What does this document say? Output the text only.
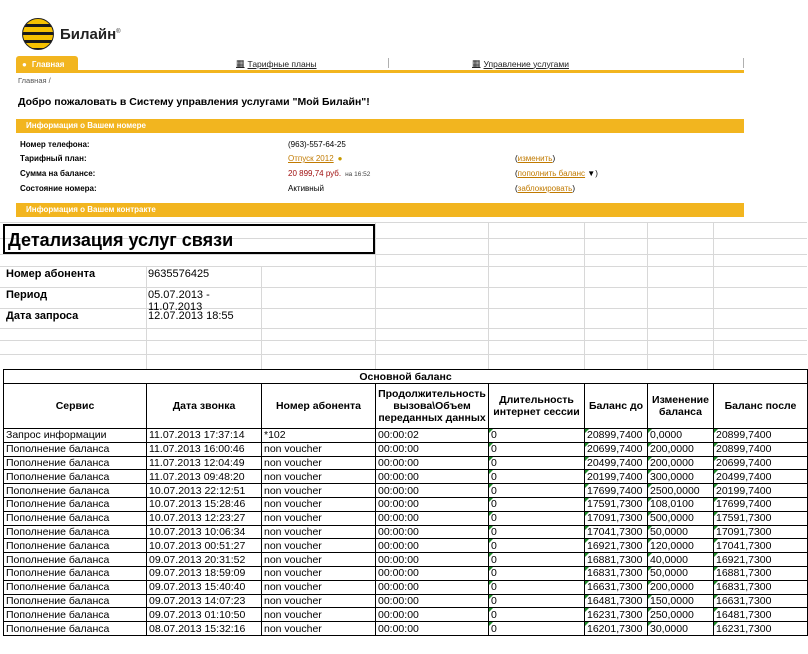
Билайн®
● Главная	▦ Тарифные планы	▦ Управление услугами
Главная /
Добро пожаловать в Систему управления услугами "Мой Билайн"!
Информация о Вашем номере
Номер телефона:	(963)-557-64-25
Тарифный план:	Отпуск 2012 ●	(изменить)
Сумма на балансе:	20 899,74 руб. на 16:52	(пополнить баланс ▼)
Состояние номера:	Активный	(заблокировать)
Информация о Вашем контракте
Детализация услуг связи
Номер абонента	9635576425
Период	05.07.2013 -
11.07.2013
Дата запроса	12.07.2013 18:55
Основной баланс							
Сервис	Дата звонка	Номер абонента	Продолжительность вызова\Объем переданных данных	Длительность интернет сессии	Баланс до	Изменение баланса	Баланс после
Запрос информации	11.07.2013 17:37:14	*102	00:00:02	0	20899,7400	0,0000	20899,7400
Пополнение баланса	11.07.2013 16:00:46	non voucher	00:00:00	0	20699,7400	200,0000	20899,7400
Пополнение баланса	11.07.2013 12:04:49	non voucher	00:00:00	0	20499,7400	200,0000	20699,7400
Пополнение баланса	11.07.2013 09:48:20	non voucher	00:00:00	0	20199,7400	300,0000	20499,7400
Пополнение баланса	10.07.2013 22:12:51	non voucher	00:00:00	0	17699,7400	2500,0000	20199,7400
Пополнение баланса	10.07.2013 15:28:46	non voucher	00:00:00	0	17591,7300	108,0100	17699,7400
Пополнение баланса	10.07.2013 12:23:27	non voucher	00:00:00	0	17091,7300	500,0000	17591,7300
Пополнение баланса	10.07.2013 10:06:34	non voucher	00:00:00	0	17041,7300	50,0000	17091,7300
Пополнение баланса	10.07.2013 00:51:27	non voucher	00:00:00	0	16921,7300	120,0000	17041,7300
Пополнение баланса	09.07.2013 20:31:52	non voucher	00:00:00	0	16881,7300	40,0000	16921,7300
Пополнение баланса	09.07.2013 18:59:09	non voucher	00:00:00	0	16831,7300	50,0000	16881,7300
Пополнение баланса	09.07.2013 15:40:40	non voucher	00:00:00	0	16631,7300	200,0000	16831,7300
Пополнение баланса	09.07.2013 14:07:23	non voucher	00:00:00	0	16481,7300	150,0000	16631,7300
Пополнение баланса	09.07.2013 01:10:50	non voucher	00:00:00	0	16231,7300	250,0000	16481,7300
Пополнение баланса	08.07.2013 15:32:16	non voucher	00:00:00	0	16201,7300	30,0000	16231,7300
